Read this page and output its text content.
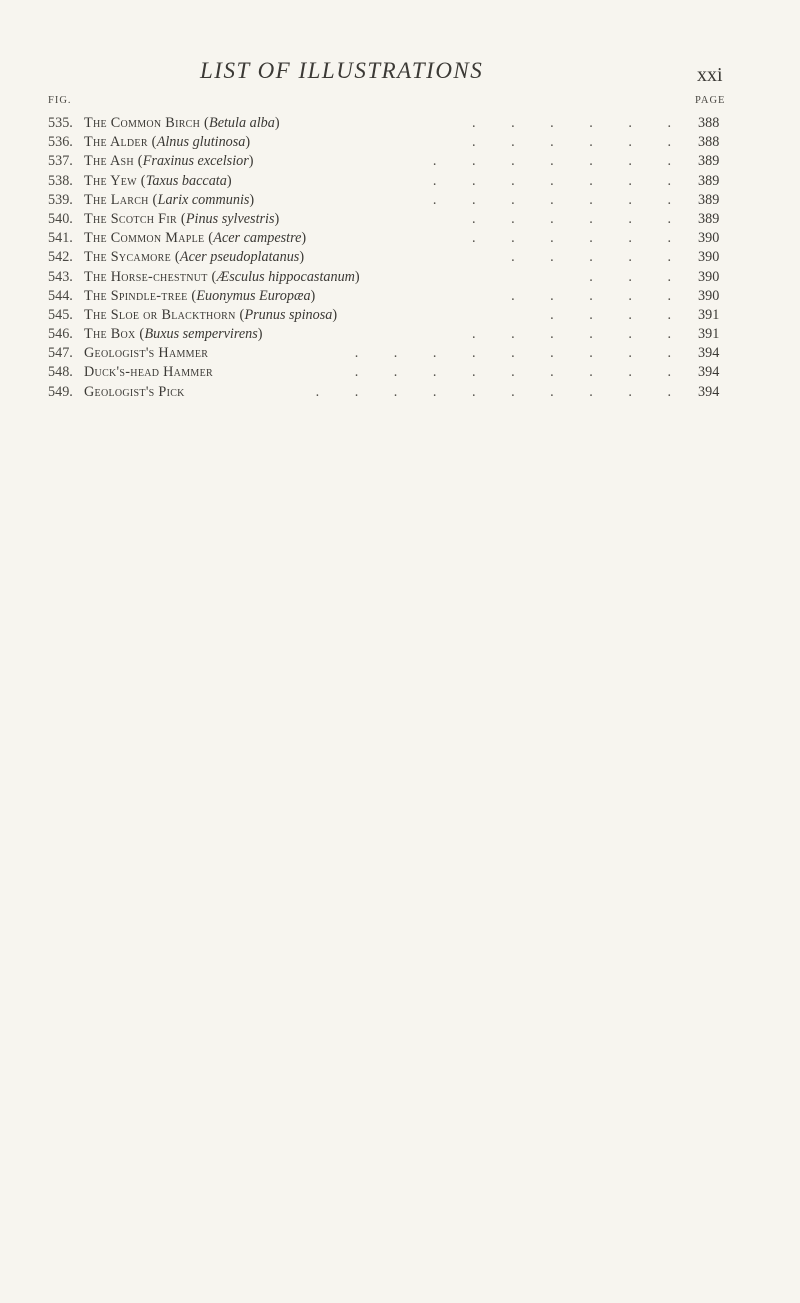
LIST OF ILLUSTRATIONS	xxi
FIG.	PAGE
535. The Common Birch (Betula alba)	. . . . . . 388
536. The Alder (Alnus glutinosa)	. . . . . . 388
537. The Ash (Fraxinus excelsior)	. . . . . . . 389
538. The Yew (Taxus baccata)	. . . . . . . 389
539. The Larch (Larix communis)	. . . . . . . 389
540. The Scotch Fir (Pinus sylvestris)	. . . . . . 389
541. The Common Maple (Acer campestre)	. . . . . . 390
542. The Sycamore (Acer pseudoplatanus)	. . . . . 390
543. The Horse-chestnut (Æsculus hippocastanum)	. . . 390
544. The Spindle-tree (Euonymus Europæa)	. . . . . 390
545. The Sloe or Blackthorn (Prunus spinosa)	. . . . 391
546. The Box (Buxus sempervirens)	. . . . . . 391
547. Geologist's Hammer	. . . . . . . . . 394
548. Duck's-head Hammer	. . . . . . . . . 394
549. Geologist's Pick	. . . . . . . . . . 394
